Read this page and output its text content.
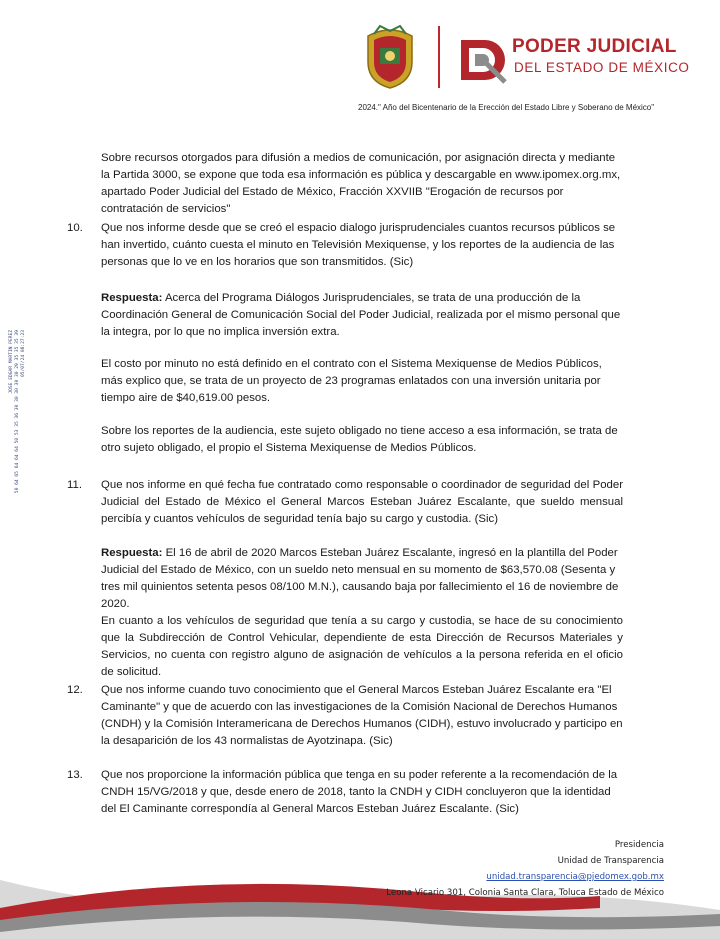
PODER JUDICIAL
DEL ESTADO DE MÉXICO
2024." Año del Bicentenario de la Erección del Estado Libre y Soberano de México"
JOSE EDGAR MARTIN PEREZ 50 64 65 64 64 64 50 53 35 36 30 30 30 30 30 29 35 35 35 39 05/07/24 08:27:23
Sobre recursos otorgados para difusión a medios de comunicación, por asignación directa y mediante la Partida 3000, se expone que toda esa información es pública y descargable en www.ipomex.org.mx, apartado Poder Judicial del Estado de México, Fracción XXVIIB "Erogación de recursos por contratación de servicios"
10. Que nos informe desde que se creó el espacio dialogo jurisprudenciales cuantos recursos públicos se han invertido, cuánto cuesta el minuto en Televisión Mexiquense, y los reportes de la audiencia de las personas que lo ve en los horarios que son transmitidos. (Sic)
Respuesta: Acerca del Programa Diálogos Jurisprudenciales, se trata de una producción de la Coordinación General de Comunicación Social del Poder Judicial, realizada por el mismo personal que la integra, por lo que no implica inversión extra.
El costo por minuto no está definido en el contrato con el Sistema Mexiquense de Medios Públicos, más explico que, se trata de un proyecto de 23 programas enlatados con una inversión unitaria por tiempo aire de $40,619.00 pesos.
Sobre los reportes de la audiencia, este sujeto obligado no tiene acceso a esa información, se trata de otro sujeto obligado, el propio el Sistema Mexiquense de Medios Públicos.
11. Que nos informe en qué fecha fue contratado como responsable o coordinador de seguridad del Poder Judicial del Estado de México el General Marcos Esteban Juárez Escalante, que sueldo mensual percibía y cuantos vehículos de seguridad tenía bajo su cargo y custodia. (Sic)
Respuesta: El 16 de abril de 2020 Marcos Esteban Juárez Escalante, ingresó en la plantilla del Poder Judicial del Estado de México, con un sueldo neto mensual en su momento de $63,570.08 (Sesenta y tres mil quinientos setenta pesos 08/100 M.N.), causando baja por fallecimiento el 16 de noviembre de 2020.
En cuanto a los vehículos de seguridad que tenía a su cargo y custodia, se hace de su conocimiento que la Subdirección de Control Vehicular, dependiente de esta Dirección de Recursos Materiales y Servicios, no cuenta con registro alguno de asignación de vehículos a la persona referida en el oficio de solicitud.
12. Que nos informe cuando tuvo conocimiento que el General Marcos Esteban Juárez Escalante era "El Caminante" y que de acuerdo con las investigaciones de la Comisión Nacional de Derechos Humanos (CNDH) y la Comisión Interamericana de Derechos Humanos (CIDH), estuvo involucrado y participo en la desaparición de los 43 normalistas de Ayotzinapa. (Sic)
13. Que nos proporcione la información pública que tenga en su poder referente a la recomendación de la CNDH 15/VG/2018 y que, desde enero de 2018, tanto la CNDH y CIDH concluyeron que la identidad del El Caminante correspondía al General Marcos Esteban Juárez Escalante. (Sic)
Presidencia
Unidad de Transparencia
unidad.transparencia@pjedomex.gob.mx
Leona Vicario 301, Colonia Santa Clara, Toluca Estado de México
